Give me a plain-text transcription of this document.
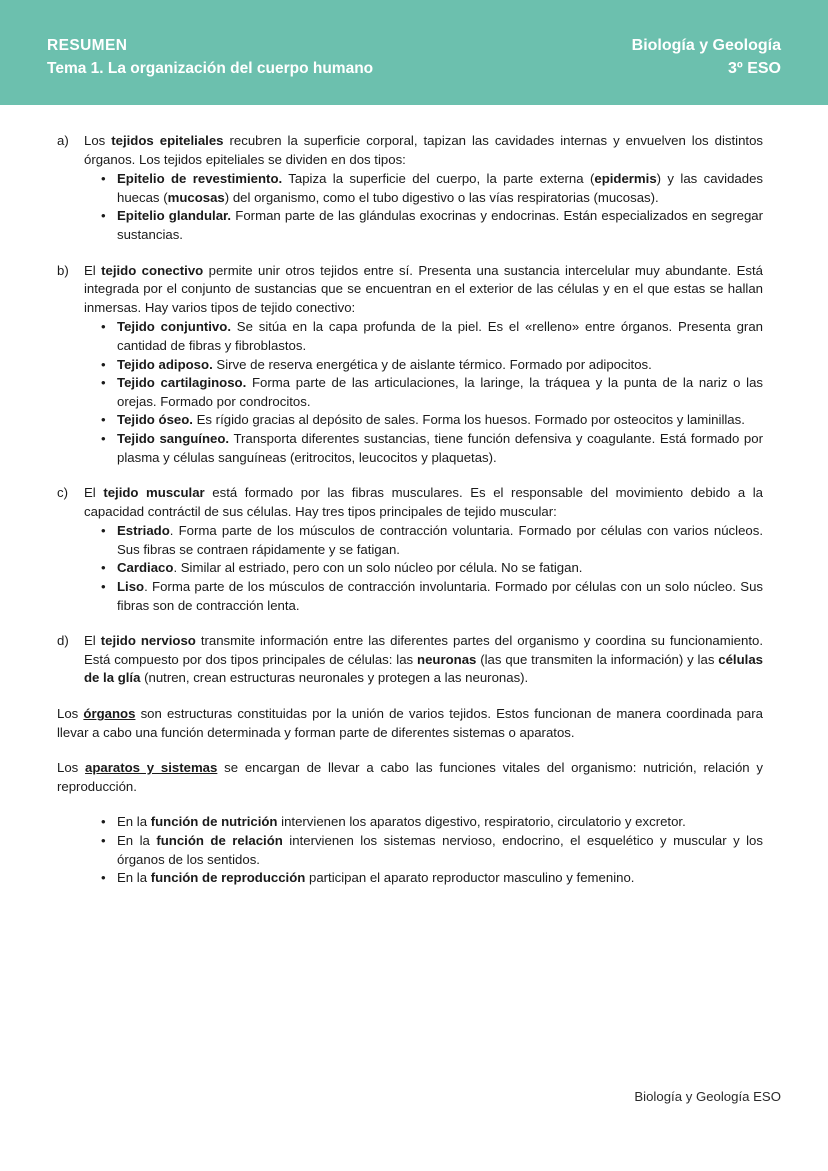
RESUMEN
Tema 1. La organización del cuerpo humano
Biología y Geología
3º ESO
a) Los tejidos epiteliales recubren la superficie corporal, tapizan las cavidades internas y envuelven los distintos órganos. Los tejidos epiteliales se dividen en dos tipos:

• Epitelio de revestimiento. Tapiza la superficie del cuerpo, la parte externa (epidermis) y las cavidades huecas (mucosas) del organismo, como el tubo digestivo o las vías respiratorias (mucosas).
• Epitelio glandular. Forman parte de las glándulas exocrinas y endocrinas. Están especializados en segregar sustancias.
b) El tejido conectivo permite unir otros tejidos entre sí. Presenta una sustancia intercelular muy abundante. Está integrada por el conjunto de sustancias que se encuentran en el exterior de las células y en el que estas se hallan inmersas. Hay varios tipos de tejido conectivo:

• Tejido conjuntivo. Se sitúa en la capa profunda de la piel. Es el «relleno» entre órganos. Presenta gran cantidad de fibras y fibroblastos.
• Tejido adiposo. Sirve de reserva energética y de aislante térmico. Formado por adipocitos.
• Tejido cartilaginoso. Forma parte de las articulaciones, la laringe, la tráquea y la punta de la nariz o las orejas. Formado por condrocitos.
• Tejido óseo. Es rígido gracias al depósito de sales. Forma los huesos. Formado por osteocitos y laminillas.
• Tejido sanguíneo. Transporta diferentes sustancias, tiene función defensiva y coagulante. Está formado por plasma y células sanguíneas (eritrocitos, leucocitos y plaquetas).
c) El tejido muscular está formado por las fibras musculares. Es el responsable del movimiento debido a la capacidad contráctil de sus células. Hay tres tipos principales de tejido muscular:

• Estriado. Forma parte de los músculos de contracción voluntaria. Formado por células con varios núcleos. Sus fibras se contraen rápidamente y se fatigan.
• Cardiaco. Similar al estriado, pero con un solo núcleo por célula. No se fatigan.
• Liso. Forma parte de los músculos de contracción involuntaria. Formado por células con un solo núcleo. Sus fibras son de contracción lenta.
d) El tejido nervioso transmite información entre las diferentes partes del organismo y coordina su funcionamiento. Está compuesto por dos tipos principales de células: las neuronas (las que transmiten la información) y las células de la glía (nutren, crean estructuras neuronales y protegen a las neuronas).

Los órganos son estructuras constituidas por la unión de varios tejidos. Estos funcionan de manera coordinada para llevar a cabo una función determinada y forman parte de diferentes sistemas o aparatos.

Los aparatos y sistemas se encargan de llevar a cabo las funciones vitales del organismo: nutrición, relación y reproducción.

• En la función de nutrición intervienen los aparatos digestivo, respiratorio, circulatorio y excretor.
• En la función de relación intervienen los sistemas nervioso, endocrino, el esquelético y muscular y los órganos de los sentidos.
• En la función de reproducción participan el aparato reproductor masculino y femenino.
Biología y Geología ESO
